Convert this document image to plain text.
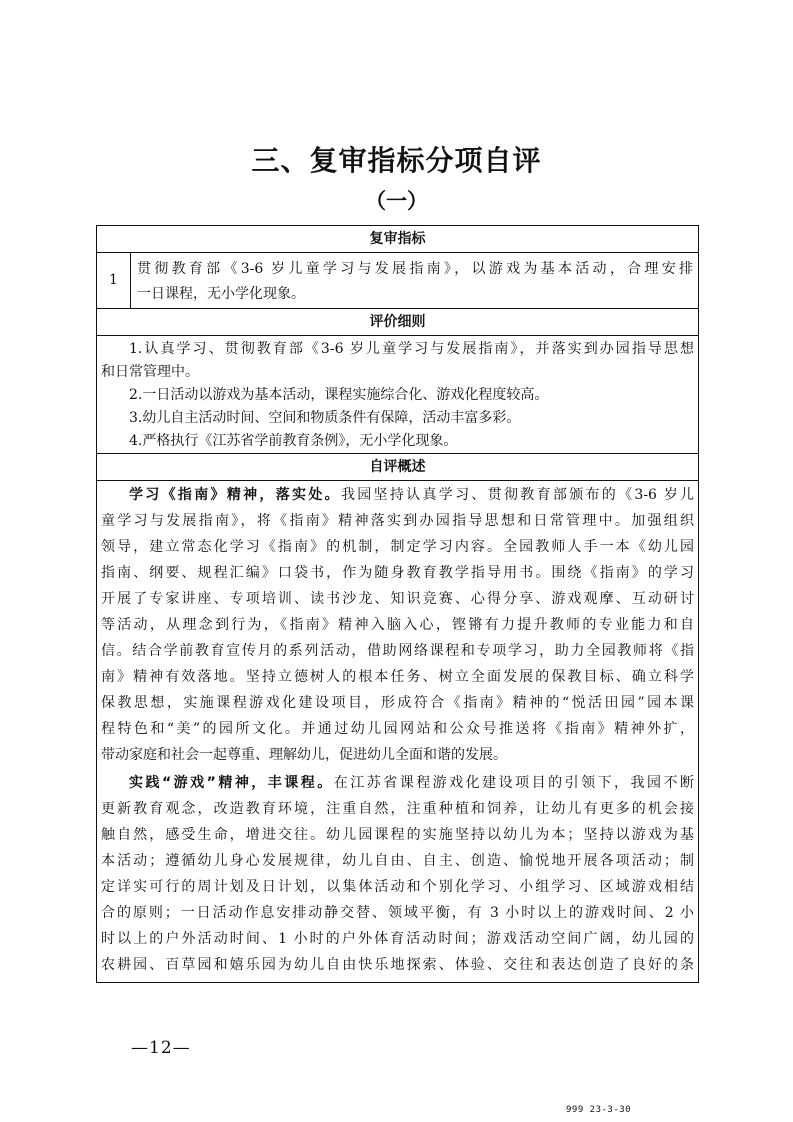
三、复审指标分项自评
（一）
复审指标
1
贯彻教育部《3-6 岁儿童学习与发展指南》，以游戏为基本活动，合理安排
一日课程，无小学化现象。
评价细则
1.认真学习、贯彻教育部《3-6 岁儿童学习与发展指南》，并落实到办园指导思想
和日常管理中。
2.一日活动以游戏为基本活动，课程实施综合化、游戏化程度较高。
3.幼儿自主活动时间、空间和物质条件有保障，活动丰富多彩。
4.严格执行《江苏省学前教育条例》，无小学化现象。
自评概述
学习《指南》精神，落实处。我园坚持认真学习、贯彻教育部颁布的《3-6 岁儿
童学习与发展指南》，将《指南》精神落实到办园指导思想和日常管理中。加强组织
领导，建立常态化学习《指南》的机制，制定学习内容。全园教师人手一本《幼儿园
指南、纲要、规程汇编》口袋书，作为随身教育教学指导用书。围绕《指南》的学习
开展了专家讲座、专项培训、读书沙龙、知识竞赛、心得分享、游戏观摩、互动研讨
等活动，从理念到行为，《指南》精神入脑入心，铿锵有力提升教师的专业能力和自
信。结合学前教育宣传月的系列活动，借助网络课程和专项学习，助力全园教师将《指
南》精神有效落地。坚持立德树人的根本任务、树立全面发展的保教目标、确立科学
保教思想，实施课程游戏化建设项目，形成符合《指南》精神的“悦活田园”园本课
程特色和“美”的园所文化。并通过幼儿园网站和公众号推送将《指南》精神外扩，
带动家庭和社会一起尊重、理解幼儿，促进幼儿全面和谐的发展。
实践“游戏”精神，丰课程。在江苏省课程游戏化建设项目的引领下，我园不断
更新教育观念，改造教育环境，注重自然，注重种植和饲养，让幼儿有更多的机会接
触自然，感受生命，增进交往。幼儿园课程的实施坚持以幼儿为本；坚持以游戏为基
本活动；遵循幼儿身心发展规律，幼儿自由、自主、创造、愉悦地开展各项活动；制
定详实可行的周计划及日计划，以集体活动和个别化学习、小组学习、区域游戏相结
合的原则；一日活动作息安排动静交替、领域平衡，有 3 小时以上的游戏时间、2 小
时以上的户外活动时间、1 小时的户外体育活动时间；游戏活动空间广阔，幼儿园的
农耕园、百草园和嬉乐园为幼儿自由快乐地探索、体验、交往和表达创造了良好的条
—12—
999 23-3-30
